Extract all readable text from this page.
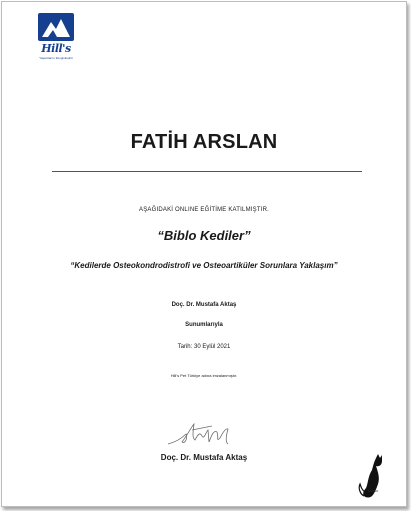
Hill's
Yaşamlarını Zenginleştirir
FATİH ARSLAN
AŞAĞIDAKİ ONLINE EĞİTİME KATILMIŞTIR.
“Biblo Kediler”
“Kedilerde Osteokondrodistrofi ve Osteoartiküler Sorunlara Yaklaşım”
Doç. Dr. Mustafa Aktaş
Sunumlarıyla
Tarih: 30 Eylül 2021
Hill's Pet Türkiye adına imzalanmıştır.
Doç. Dr. Mustafa Aktaş
KAMED
